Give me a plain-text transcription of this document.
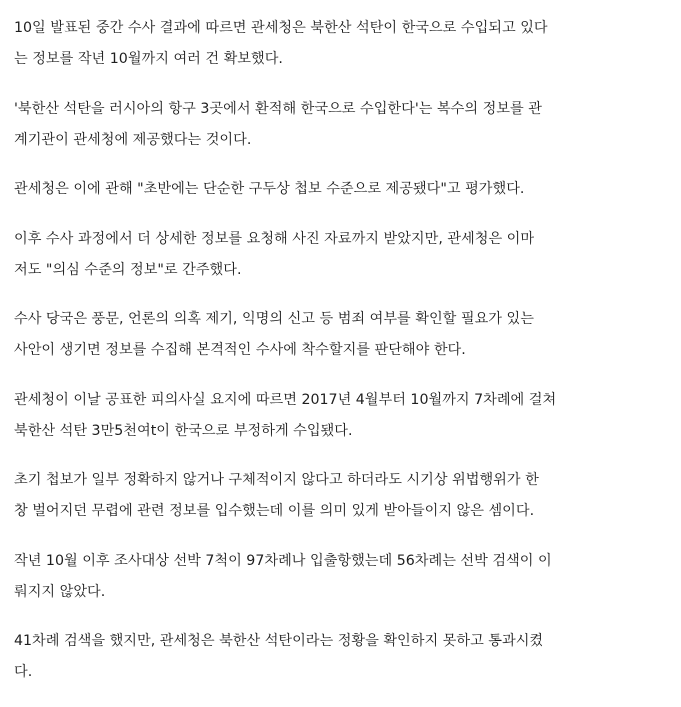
10일 발표된 중간 수사 결과에 따르면 관세청은 북한산 석탄이 한국으로 수입되고 있다
는 정보를 작년 10월까지 여러 건 확보했다.

'북한산 석탄을 러시아의 항구 3곳에서 환적해 한국으로 수입한다'는 복수의 정보를 관
계기관이 관세청에 제공했다는 것이다.

관세청은 이에 관해 "초반에는 단순한 구두상 첩보 수준으로 제공됐다"고 평가했다.

이후 수사 과정에서 더 상세한 정보를 요청해 사진 자료까지 받았지만, 관세청은 이마
저도 "의심 수준의 정보"로 간주했다.

수사 당국은 풍문, 언론의 의혹 제기, 익명의 신고 등 범죄 여부를 확인할 필요가 있는
사안이 생기면 정보를 수집해 본격적인 수사에 착수할지를 판단해야 한다.

관세청이 이날 공표한 피의사실 요지에 따르면 2017년 4월부터 10월까지 7차례에 걸쳐
북한산 석탄 3만5천여t이 한국으로 부정하게 수입됐다.

초기 첩보가 일부 정확하지 않거나 구체적이지 않다고 하더라도 시기상 위법행위가 한
창 벌어지던 무렵에 관련 정보를 입수했는데 이를 의미 있게 받아들이지 않은 셈이다.

작년 10월 이후 조사대상 선박 7척이 97차례나 입출항했는데 56차례는 선박 검색이 이
뤄지지 않았다.

41차례 검색을 했지만, 관세청은 북한산 석탄이라는 정황을 확인하지 못하고 통과시켰
다.
